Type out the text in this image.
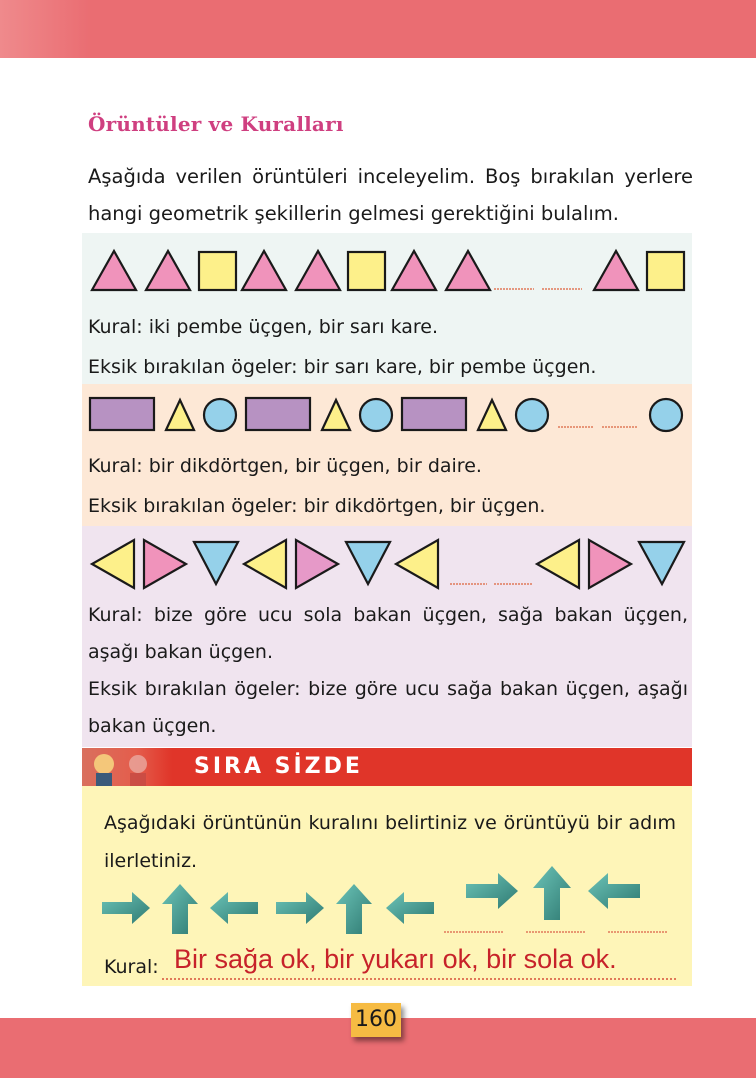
Örüntüler ve Kuralları
Aşağıda verilen örüntüleri inceleyelim. Boş bırakılan yerlere hangi geometrik şekillerin gelmesi gerektiğini bulalım.
Kural: iki pembe üçgen, bir sarı kare.
Eksik bırakılan ögeler: bir sarı kare, bir pembe üçgen.
Kural: bir dikdörtgen, bir üçgen, bir daire.
Eksik bırakılan ögeler: bir dikdörtgen, bir üçgen.
Kural: bize göre ucu sola bakan üçgen, sağa bakan üçgen, aşağı bakan üçgen.
Eksik bırakılan ögeler: bize göre ucu sağa bakan üçgen, aşağı bakan üçgen.
SIRA SİZDE
Aşağıdaki örüntünün kuralını belirtiniz ve örüntüyü bir adım ilerletiniz.
Kural: Bir sağa ok, bir yukarı ok, bir sola ok.
160
